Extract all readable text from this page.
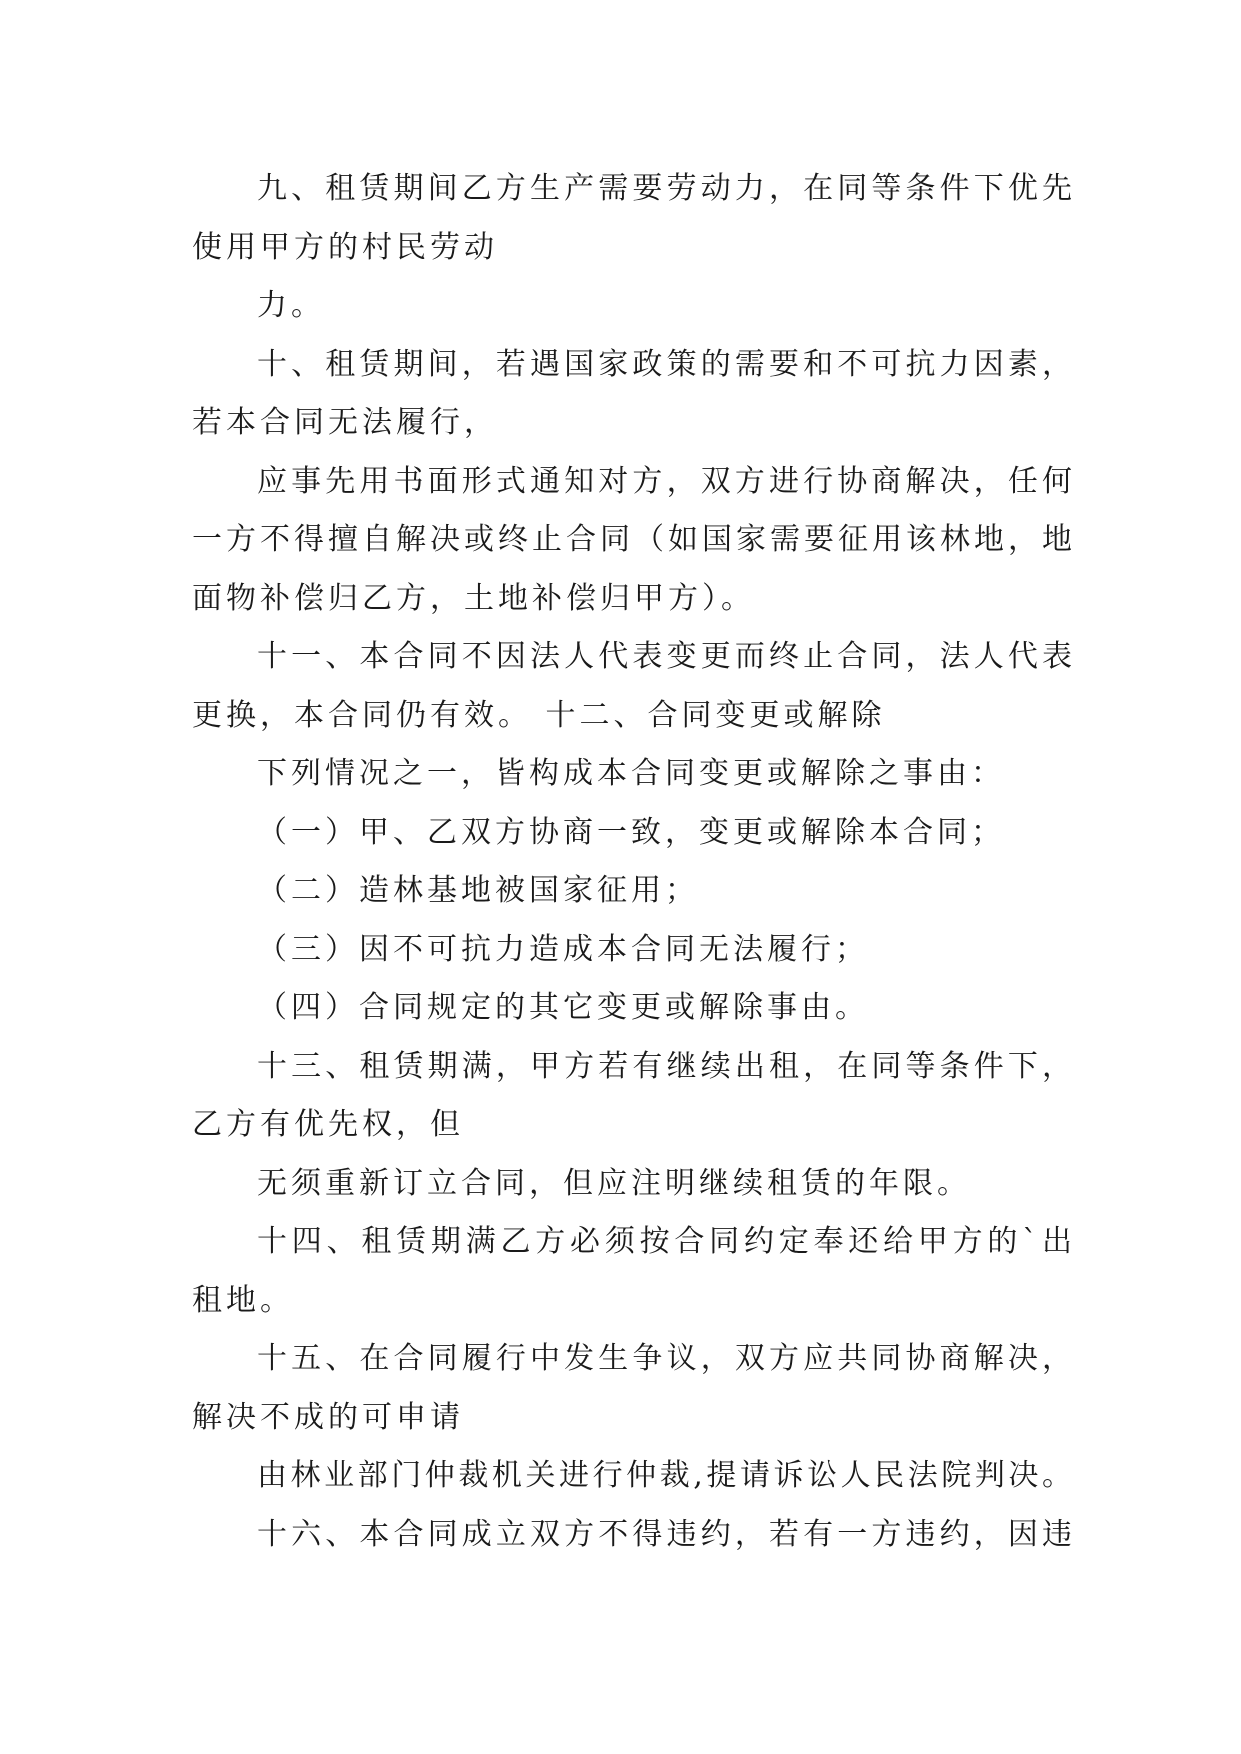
九、租赁期间乙方生产需要劳动力，在同等条件下优先
使用甲方的村民劳动

力。

十、租赁期间，若遇国家政策的需要和不可抗力因素，
若本合同无法履行，

应事先用书面形式通知对方，双方进行协商解决，任何
一方不得擅自解决或终止合同（如国家需要征用该林地，地
面物补偿归乙方，土地补偿归甲方）。

十一、本合同不因法人代表变更而终止合同，法人代表
更换，本合同仍有效。 十二、合同变更或解除

下列情况之一，皆构成本合同变更或解除之事由：

（一）甲、乙双方协商一致，变更或解除本合同；

（二）造林基地被国家征用；

（三）因不可抗力造成本合同无法履行；

（四）合同规定的其它变更或解除事由。

十三、租赁期满，甲方若有继续出租，在同等条件下，
乙方有优先权，但

无须重新订立合同，但应注明继续租赁的年限。

十四、租赁期满乙方必须按合同约定奉还给甲方的`出
租地。

十五、在合同履行中发生争议，双方应共同协商解决，
解决不成的可申请

由林业部门仲裁机关进行仲裁,提请诉讼人民法院判决。

十六、本合同成立双方不得违约，若有一方违约，因违
